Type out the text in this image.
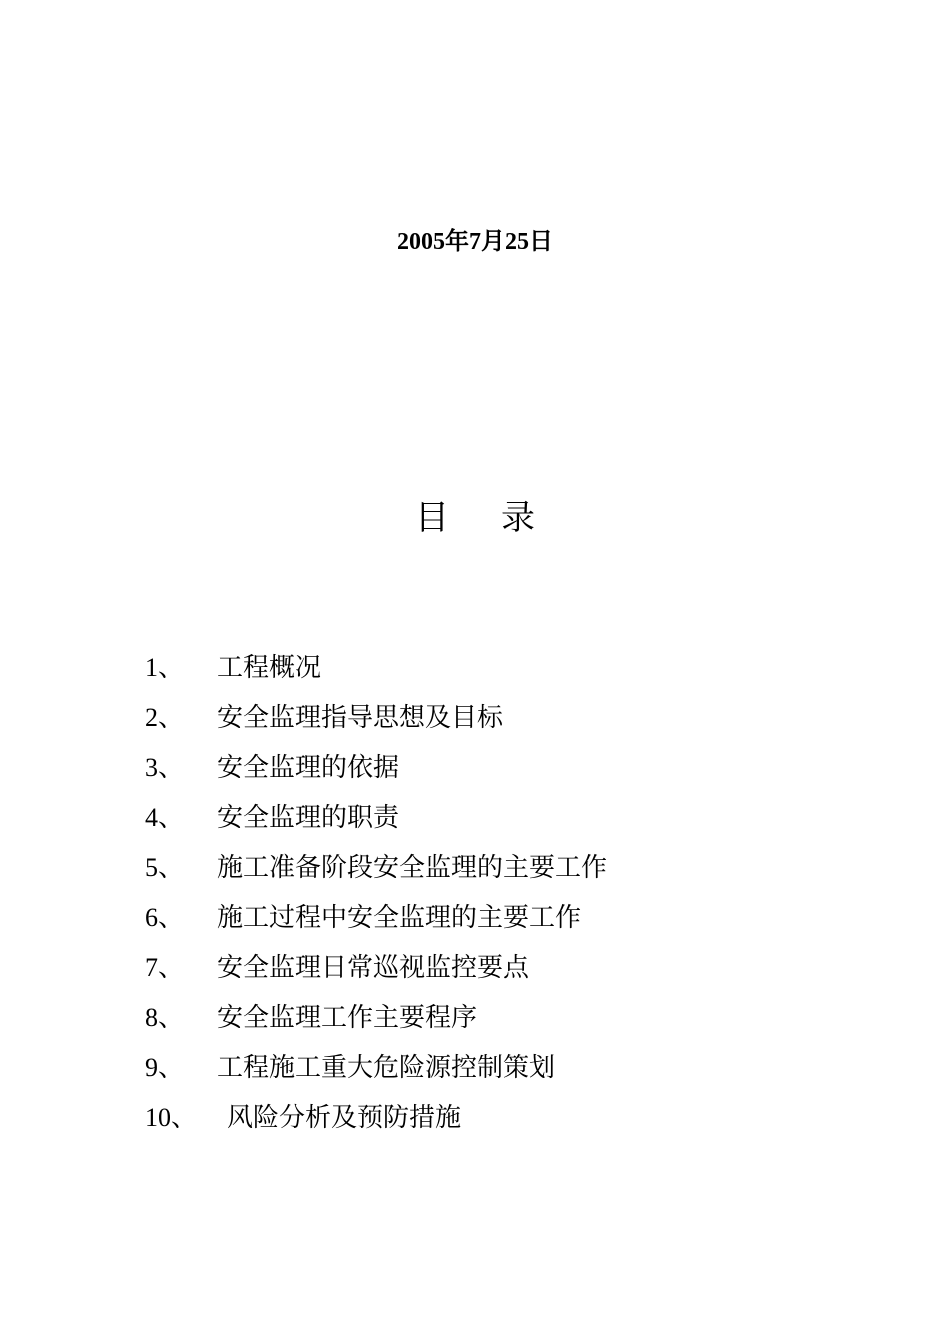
2005年7月25日
目 录
1、 工程概况
2、 安全监理指导思想及目标
3、 安全监理的依据
4、 安全监理的职责
5、 施工准备阶段安全监理的主要工作
6、 施工过程中安全监理的主要工作
7、 安全监理日常巡视监控要点
8、 安全监理工作主要程序
9、 工程施工重大危险源控制策划
10、 风险分析及预防措施
